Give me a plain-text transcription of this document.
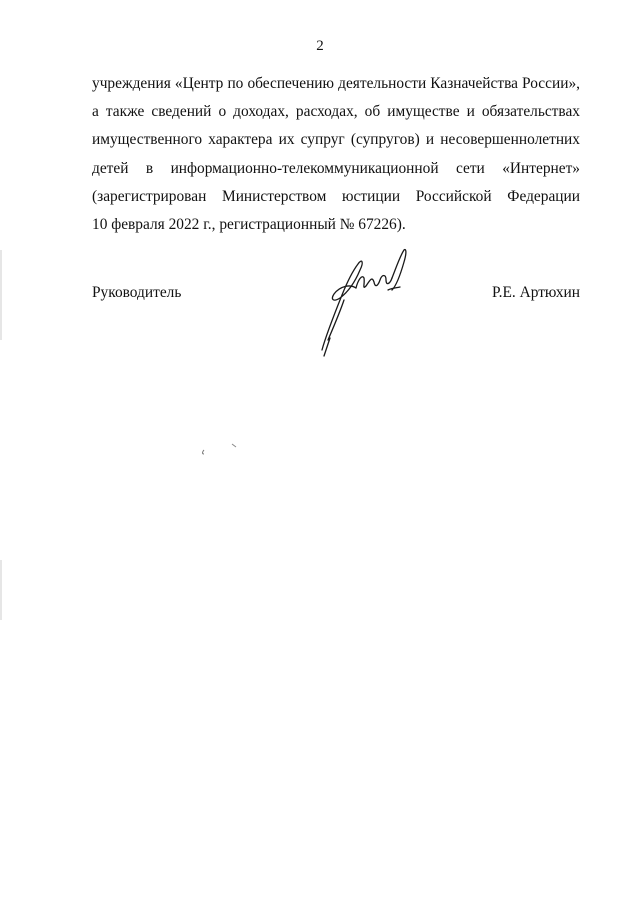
2
учреждения «Центр по обеспечению деятельности Казначейства России»,
а также сведений о доходах, расходах, об имуществе и обязательствах
имущественного характера их супруг (супругов) и несовершеннолетних
детей в информационно-телекоммуникационной сети «Интернет»
(зарегистрирован Министерством юстиции Российской Федерации
10 февраля 2022 г., регистрационный № 67226).
Руководитель	Р.Е. Артюхин
